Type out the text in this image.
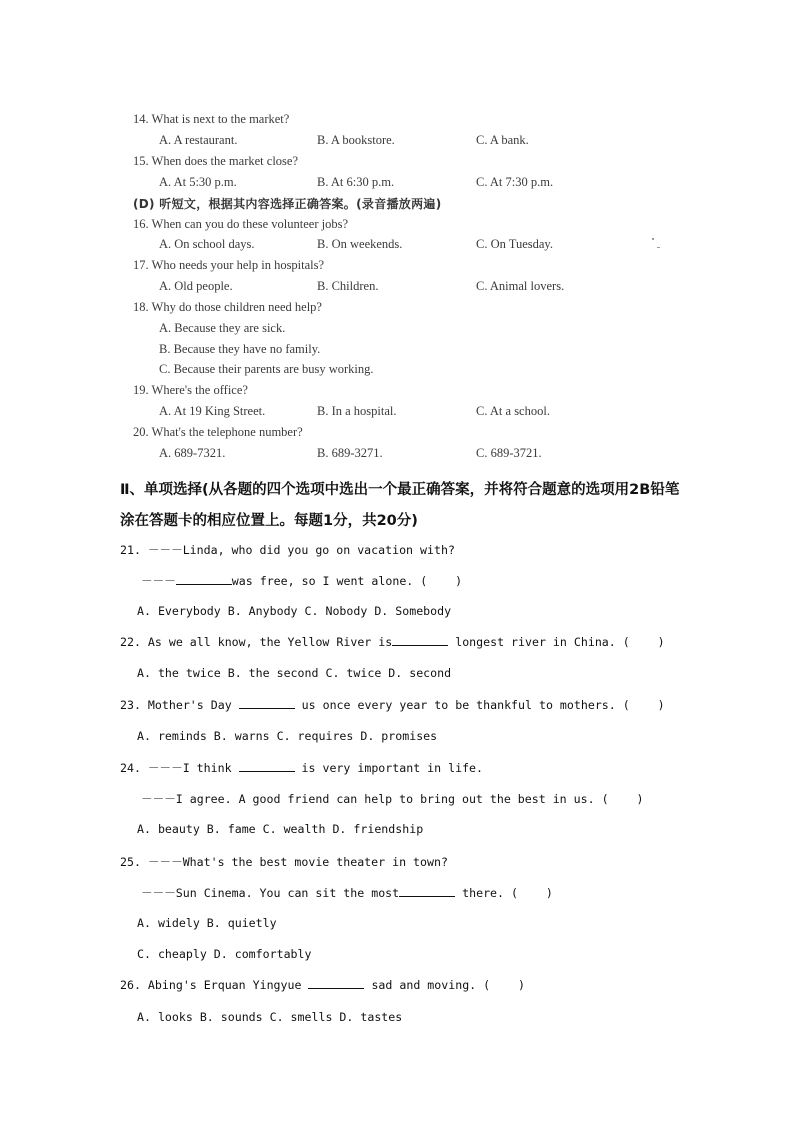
14. What is next to the market?
A. A restaurant.	B. A bookstore.	C. A bank.
15. When does the market close?
A. At 5:30 p.m.	B. At 6:30 p.m.	C. At 7:30 p.m.
(D) 听短文，根据其内容选择正确答案。(录音播放两遍)
16. When can you do these volunteer jobs?
A. On school days.	B. On weekends.	C. On Tuesday.
17. Who needs your help in hospitals?
A. Old people.	B. Children.	C. Animal lovers.
18. Why do those children need help?
A. Because they are sick.
B. Because they have no family.
C. Because their parents are busy working.
19. Where's the office?
A. At 19 King Street.	B. In a hospital.	C. At a school.
20. What's the telephone number?
A. 689-7321.	B. 689-3271.	C. 689-3721.
Ⅱ、单项选择(从各题的四个选项中选出一个最正确答案，并将符合题意的选项用2B铅笔
涂在答题卡的相应位置上。每题1分，共20分)
21. －－－Linda, who did you go on vacation with?
－－－	was free, so I went alone. (    )
A. Everybody B. Anybody C. Nobody D. Somebody
22. As we all know, the Yellow River is	longest river in China. (    )
A. the twice B. the second C. twice D. second
23. Mother's Day	us once every year to be thankful to mothers. (    )
A. reminds B. warns C. requires D. promises
24. －－－I think	is very important in life.
－－－I agree. A good friend can help to bring out the best in us. (    )
A. beauty B. fame C. wealth D. friendship
25. －－－What's the best movie theater in town?
－－－Sun Cinema. You can sit the most	there. (    )
A. widely B. quietly
C. cheaply D. comfortably
26. Abing's Erquan Yingyue	sad and moving. (    )
A. looks B. sounds C. smells D. tastes
